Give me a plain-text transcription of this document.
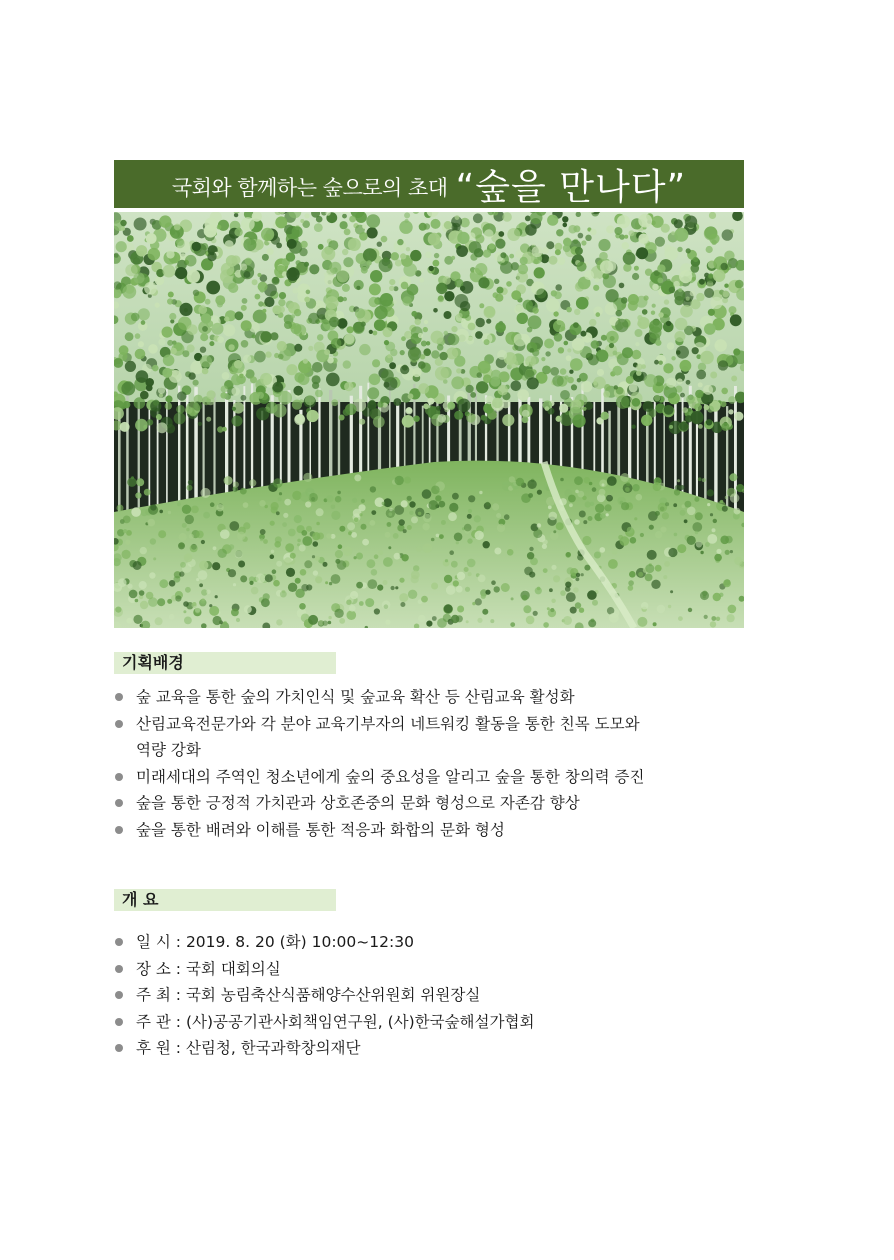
국회와 함께하는 숲으로의 초대 “숲을 만나다”
기획배경
숲 교육을 통한 숲의 가치인식 및 숲교육 확산 등 산림교육 활성화
산림교육전문가와 각 분야 교육기부자의 네트워킹 활동을 통한 친목 도모와
역량 강화
미래세대의 주역인 청소년에게 숲의 중요성을 알리고 숲을 통한 창의력 증진
숲을 통한 긍정적 가치관과 상호존중의 문화 형성으로 자존감 향상
숲을 통한 배려와 이해를 통한 적응과 화합의 문화 형성
개 요
일 시 : 2019. 8. 20 (화) 10:00~12:30
장 소 : 국회 대회의실
주 최 : 국회 농림축산식품해양수산위원회 위원장실
주 관 : (사)공공기관사회책임연구원, (사)한국숲해설가협회
후 원 : 산림청, 한국과학창의재단
